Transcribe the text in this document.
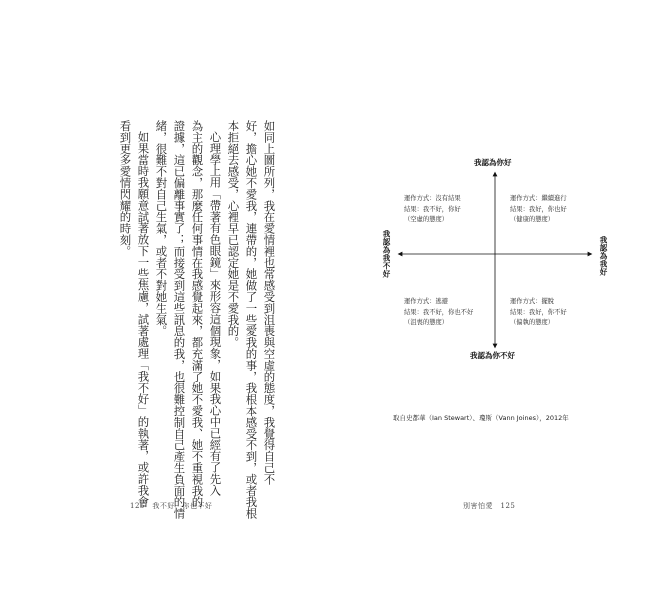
如同上圖所列，我在愛情裡也常感受到沮喪與空虛的態度，我覺得自己不
好，擔心她不愛我，連帶的，她做了一些愛我的事，我根本感受不到，或者我根
本拒絕去感受，心裡早已認定她是不愛我的。
心理學上用「帶著有色眼鏡」來形容這個現象，如果我心中已經有了先入
為主的觀念，那麼任何事情在我感覺起來，都充滿了她不愛我、她不重視我的
證據，這已偏離事實了；而接受到這些訊息的我，也很難控制自己產生負面的情
緒，很難不對自己生氣，或者不對她生氣。
如果當時我願意試著放下一些焦慮，試著處理「我不好」的執著，或許我會
看到更多愛情閃耀的時刻。
125　我不好，你也不好
我認為你好
我認為你不好
我認為我不好	我認為我好
運作方式：沒有結果
結果：我不好，你好
（空虛的態度）
運作方式：繼續進行
結果：我好，你也好
（健康的態度）
運作方式：逃避
結果：我不好，你也不好
（沮喪的態度）
運作方式：擺脫
結果：我好，你不好
（偏執的態度）
取自史都華（Ian Stewart）、瓊斯（Vann Joines），2012年
別害怕愛　125
